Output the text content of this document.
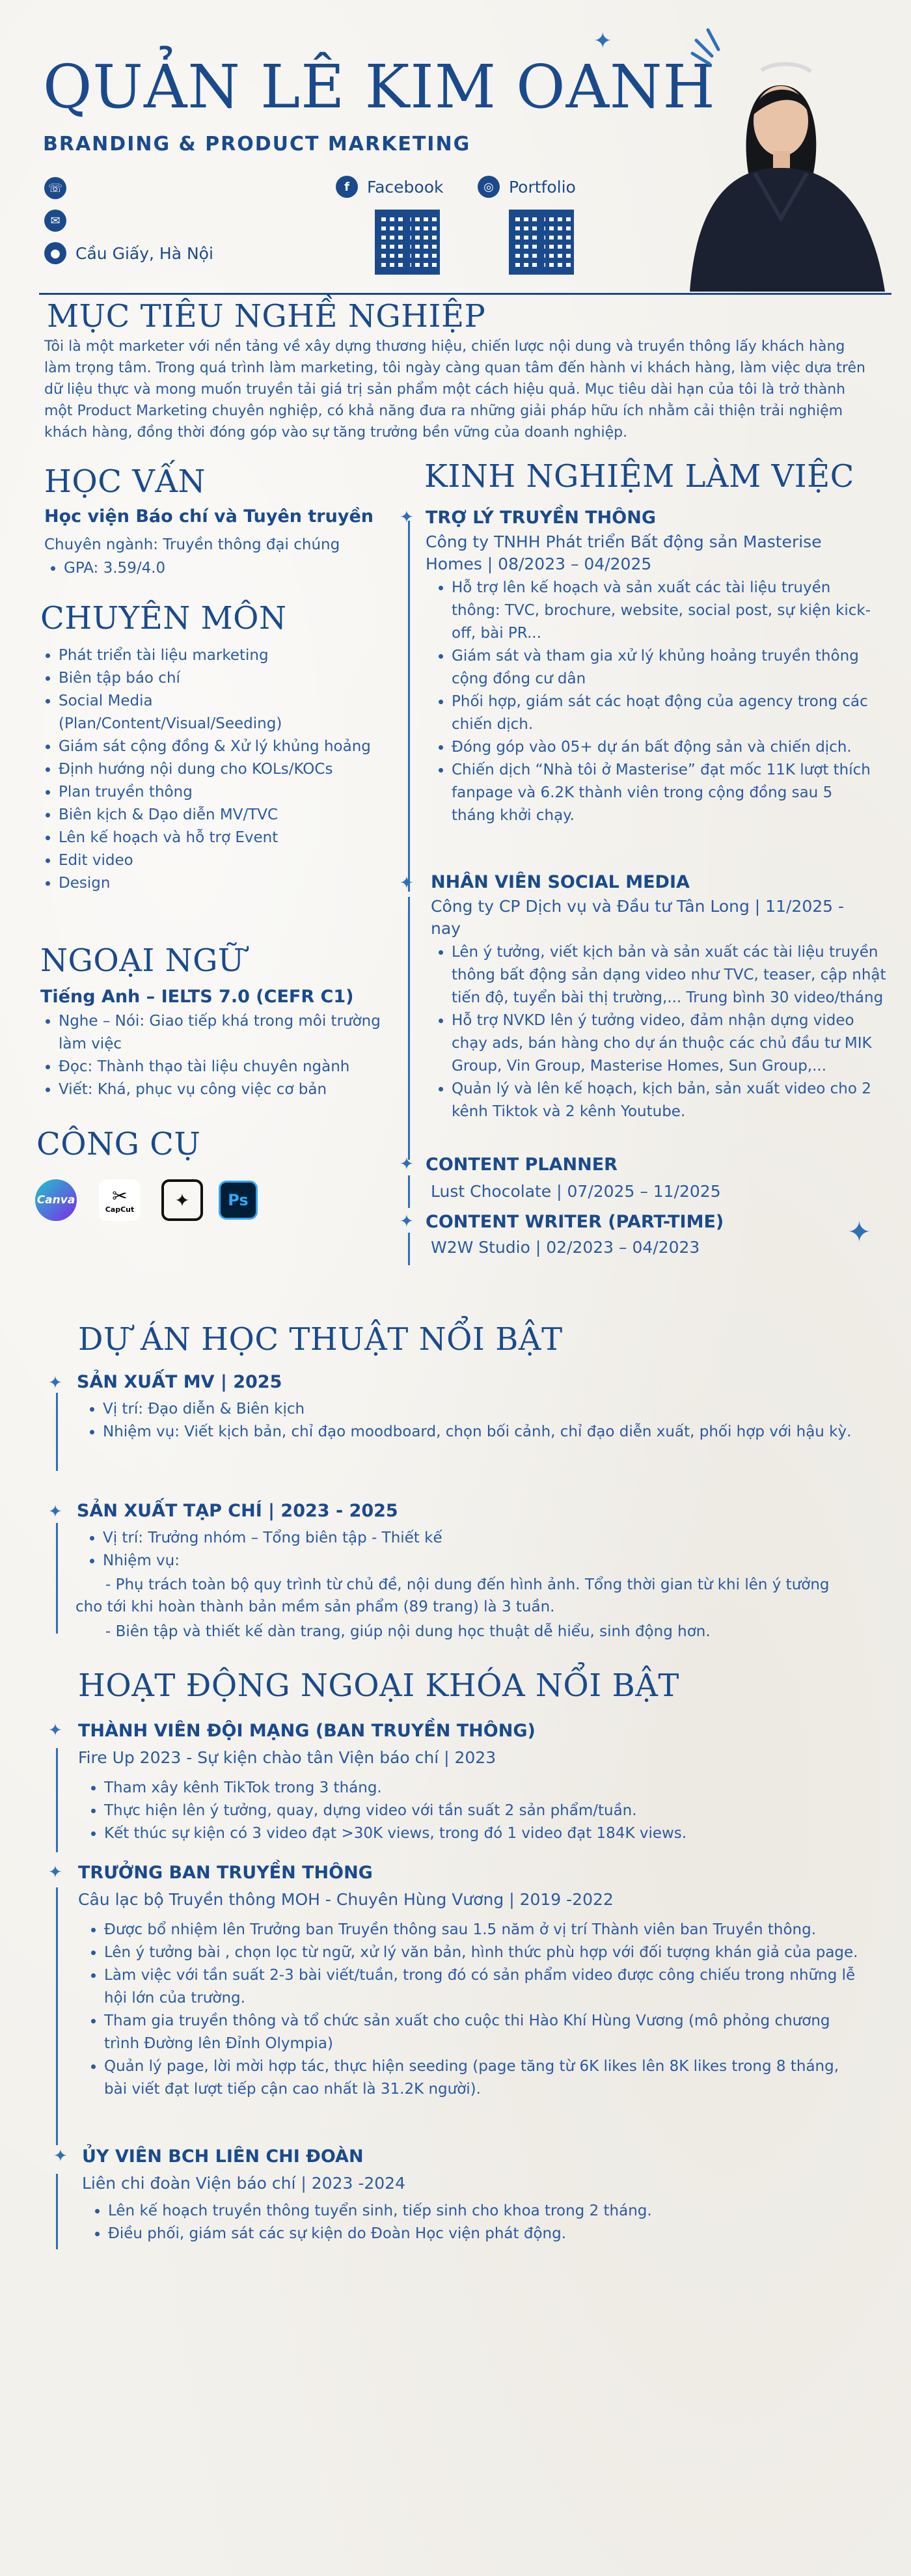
✦
✦
QUẢN LÊ KIM OANH
BRANDING & PRODUCT MARKETING
☏
✉
● Cầu Giấy, Hà Nội
f	Facebook	◎ Portfolio
MỤC TIÊU NGHỀ NGHIỆP
Tôi là một marketer với nền tảng về xây dựng thương hiệu, chiến lược nội dung và truyền thông lấy khách hàng làm trọng tâm. Trong quá trình làm marketing, tôi ngày càng quan tâm đến hành vi khách hàng, làm việc dựa trên dữ liệu thực và mong muốn truyền tải giá trị sản phẩm một cách hiệu quả. Mục tiêu dài hạn của tôi là trở thành một Product Marketing chuyên nghiệp, có khả năng đưa ra những giải pháp hữu ích nhằm cải thiện trải nghiệm khách hàng, đồng thời đóng góp vào sự tăng trưởng bền vững của doanh nghiệp.
HỌC VẤN
Học viện Báo chí và Tuyên truyền
Chuyên ngành: Truyền thông đại chúng
• GPA: 3.59/4.0
CHUYÊN MÔN
• Phát triển tài liệu marketing
• Biên tập báo chí
• Social Media (Plan/Content/Visual/Seeding)
• Giám sát cộng đồng & Xử lý khủng hoảng
• Định hướng nội dung cho KOLs/KOCs
• Plan truyền thông
• Biên kịch & Dạo diễn MV/TVC
• Lên kế hoạch và hỗ trợ Event
• Edit video
• Design
NGOẠI NGỮ
Tiếng Anh – IELTS 7.0 (CEFR C1)
• Nghe – Nói: Giao tiếp khá trong môi trường làm việc
• Đọc: Thành thạo tài liệu chuyên ngành
• Viết: Khá, phục vụ công việc cơ bản
CÔNG CỤ
Canva ✂
CapCut	✦	Ps
KINH NGHIỆM LÀM VIỆC
✦ TRỢ LÝ TRUYỀN THÔNG
Công ty TNHH Phát triển Bất động sản Masterise Homes | 08/2023 – 04/2025
• Hỗ trợ lên kế hoạch và sản xuất các tài liệu truyền thông: TVC, brochure, website, social post, sự kiện kick-off, bài PR...
• Giám sát và tham gia xử lý khủng hoảng truyền thông cộng đồng cư dân
• Phối hợp, giám sát các hoạt động của agency trong các chiến dịch.
• Đóng góp vào 05+ dự án bất động sản và chiến dịch.
• Chiến dịch “Nhà tôi ở Masterise” đạt mốc 11K lượt thích fanpage và 6.2K thành viên trong cộng đồng sau 5 tháng khởi chạy.
✦ NHÂN VIÊN SOCIAL MEDIA
Công ty CP Dịch vụ và Đầu tư Tân Long | 11/2025 - nay
• Lên ý tưởng, viết kịch bản và sản xuất các tài liệu truyền thông bất động sản dạng video như TVC, teaser, cập nhật tiến độ, tuyển bài thị trường,... Trung bình 30 video/tháng
• Hỗ trợ NVKD lên ý tưởng video, đảm nhận dựng video chạy ads, bán hàng cho dự án thuộc các chủ đầu tư MIK Group, Vin Group, Masterise Homes, Sun Group,...
• Quản lý và lên kế hoạch, kịch bản, sản xuất video cho 2 kênh Tiktok và 2 kênh Youtube.
✦ CONTENT PLANNER
Lust Chocolate | 07/2025 – 11/2025
✦ CONTENT WRITER (PART-TIME)
W2W Studio | 02/2023 – 04/2023
DỰ ÁN HỌC THUẬT NỔI BẬT
✦ SẢN XUẤT MV | 2025
• Vị trí: Đạo diễn & Biên kịch
• Nhiệm vụ: Viết kịch bản, chỉ đạo moodboard, chọn bối cảnh, chỉ đạo diễn xuất, phối hợp với hậu kỳ.
✦ SẢN XUẤT TẠP CHÍ | 2023 - 2025
• Vị trí: Trưởng nhóm – Tổng biên tập - Thiết kế
• Nhiệm vụ:
- Phụ trách toàn bộ quy trình từ chủ đề, nội dung đến hình ảnh. Tổng thời gian từ khi lên ý tưởng cho tới khi hoàn thành bản mềm sản phẩm (89 trang) là 3 tuần.
- Biên tập và thiết kế dàn trang, giúp nội dung học thuật dễ hiểu, sinh động hơn.
HOẠT ĐỘNG NGOẠI KHÓA NỔI BẬT
✦ THÀNH VIÊN ĐỘI MẠNG (BAN TRUYỀN THÔNG)
Fire Up 2023 - Sự kiện chào tân Viện báo chí | 2023
• Tham xây kênh TikTok trong 3 tháng.
• Thực hiện lên ý tưởng, quay, dựng video với tần suất 2 sản phẩm/tuần.
• Kết thúc sự kiện có 3 video đạt >30K views, trong đó 1 video đạt 184K views.
✦ TRƯỞNG BAN TRUYỀN THÔNG
Câu lạc bộ Truyền thông MOH - Chuyên Hùng Vương | 2019 -2022
• Được bổ nhiệm lên Trưởng ban Truyền thông sau 1.5 năm ở vị trí Thành viên ban Truyền thông.
• Lên ý tưởng bài , chọn lọc từ ngữ, xử lý văn bản, hình thức phù hợp với đối tượng khán giả của page.
• Làm việc với tần suất 2-3 bài viết/tuần, trong đó có sản phẩm video được công chiếu trong những lễ hội lớn của trường.
• Tham gia truyền thông và tổ chức sản xuất cho cuộc thi Hào Khí Hùng Vương (mô phỏng chương trình Đường lên Đỉnh Olympia)
• Quản lý page, lời mời hợp tác, thực hiện seeding (page tăng từ 6K likes lên 8K likes trong 8 tháng, bài viết đạt lượt tiếp cận cao nhất là 31.2K người).
✦ ỦY VIÊN BCH LIÊN CHI ĐOÀN
Liên chi đoàn Viện báo chí | 2023 -2024
• Lên kế hoạch truyền thông tuyển sinh, tiếp sinh cho khoa trong 2 tháng.
• Điều phối, giám sát các sự kiện do Đoàn Học viện phát động.
